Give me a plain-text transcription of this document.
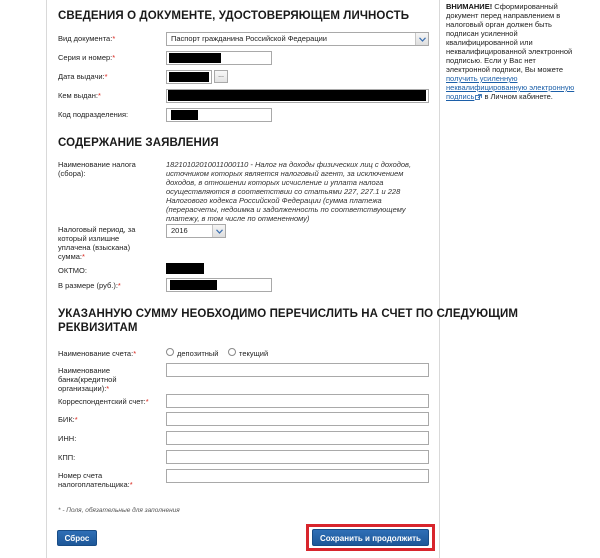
СВЕДЕНИЯ О ДОКУМЕНТЕ, УДОСТОВЕРЯЮЩЕМ ЛИЧНОСТЬ
Вид документа:*	Паспорт гражданина Российской Федерации
Серия и номер:*
Дата выдачи:*	...
Кем выдан:*
Код подразделения:
СОДЕРЖАНИЕ ЗАЯВЛЕНИЯ
Наименование налога (сбора):
18210102010011000110 - Налог на доходы физических лиц с доходов,
источником которых является налоговый агент, за исключением
доходов, в отношении которых исчисление и уплата налога
осуществляются в соответствии со статьями 227, 227.1 и 228
Налогового кодекса Российской Федерации (сумма платежа
(перерасчеты, недоимка и задолженность по соответствующему
платежу, в том числе по отмененному)
Налоговый период, за
который излишне
уплачена (взыскана)
сумма:*
2016
ОКТМО:
В размере (руб.):*
УКАЗАННУЮ СУММУ НЕОБХОДИМО ПЕРЕЧИСЛИТЬ НА СЧЕТ ПО СЛЕДУЮЩИМ
РЕКВИЗИТАМ
Наименование счета:*	депозитный	текущий
Наименование
банка(кредитной
организации):*
Корреспондентский счет:*
БИК:*
ИНН:
КПП:
Номер счета
налогоплательщика:*
* - Поля, обязательные для заполнения
Сброс	Сохранить и продолжить
ВНИМАНИЕ! Сформированный
документ перед направлением в
налоговый орган должен быть
подписан усиленной
квалифицированной или
неквалифицированной электронной
подписью. Если у Вас нет
электронной подписи, Вы можете
получить усиленную
неквалифицированную электронную
подпись в Личном кабинете.
